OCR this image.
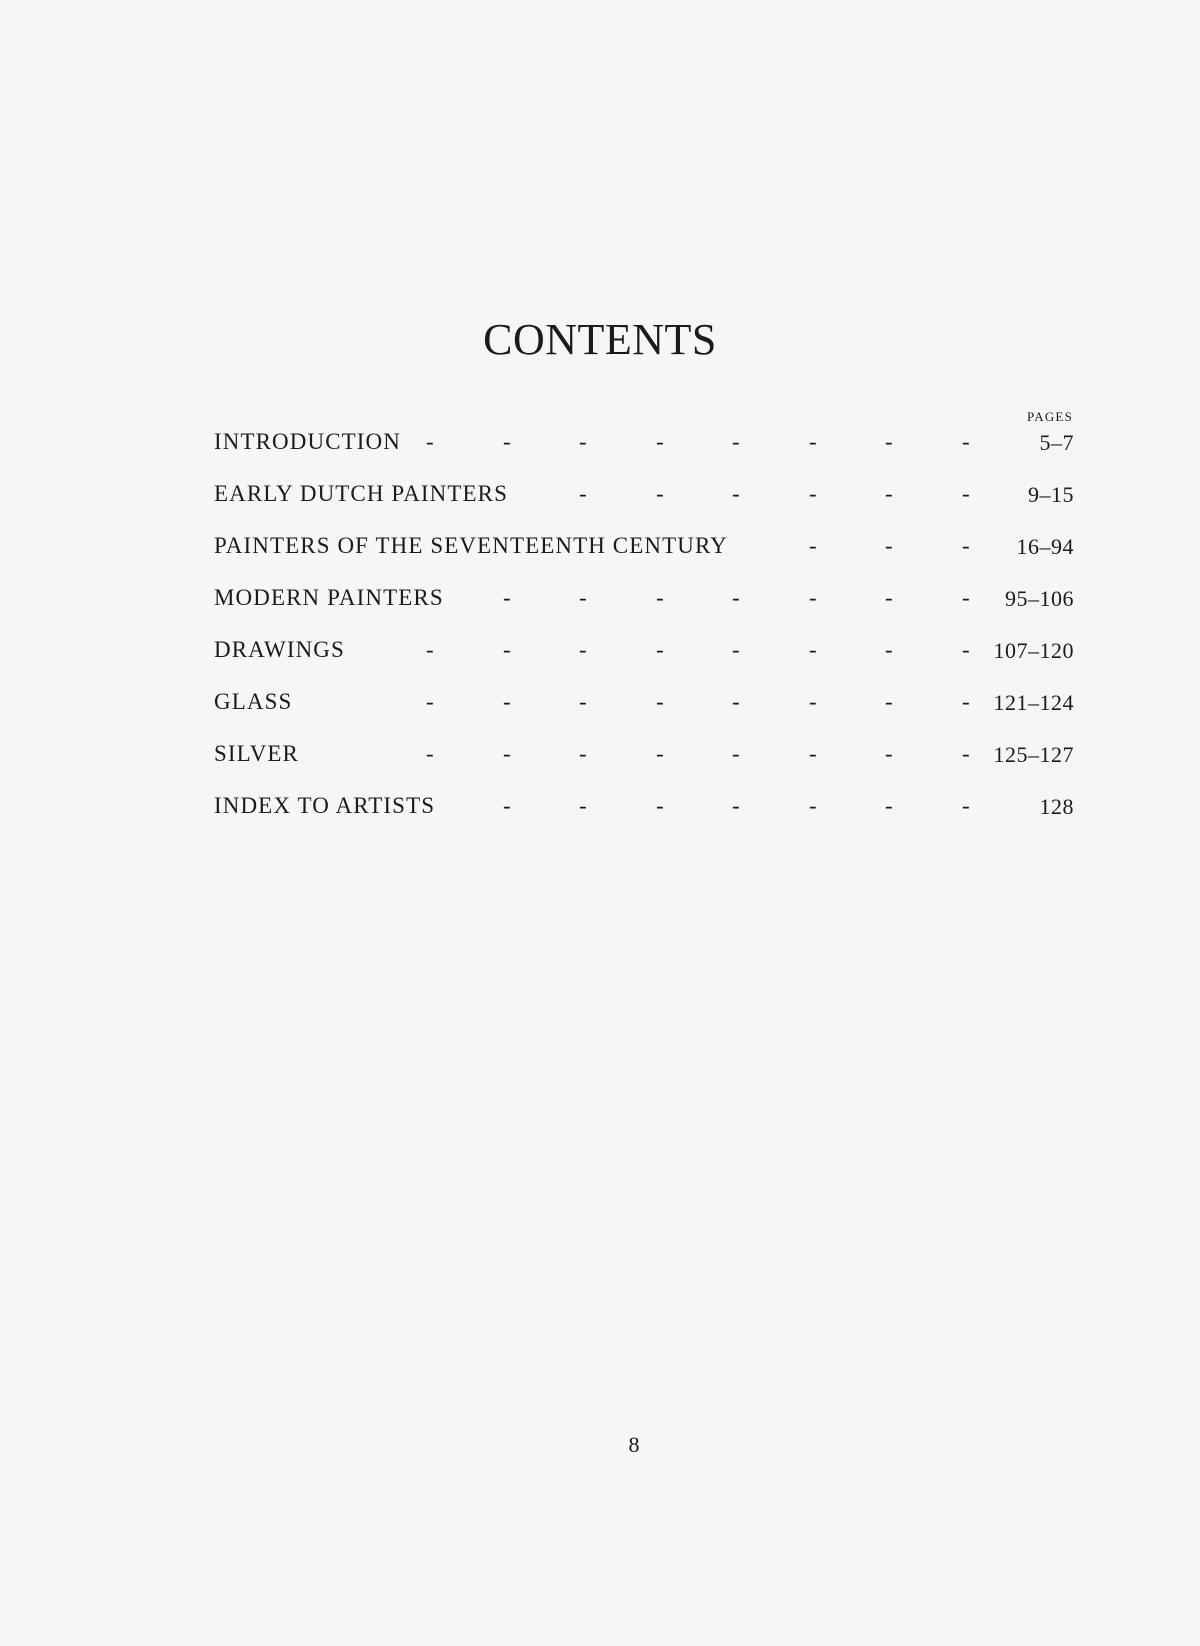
CONTENTS
PAGES
INTRODUCTION	5–7
-	-	-	-	-	-	-	-
EARLY DUTCH PAINTERS	9–15
-	-	-	-	-	-
PAINTERS OF THE SEVENTEENTH CENTURY	16–94
-	-	-
MODERN PAINTERS	95–106
-	-	-	-	-	-	-
DRAWINGS	107–120
-	-	-	-	-	-	-	-
GLASS	121–124
-	-	-	-	-	-	-	-
SILVER	125–127
-	-	-	-	-	-	-	-
INDEX TO ARTISTS	128
-	-	-	-	-	-	-
8
